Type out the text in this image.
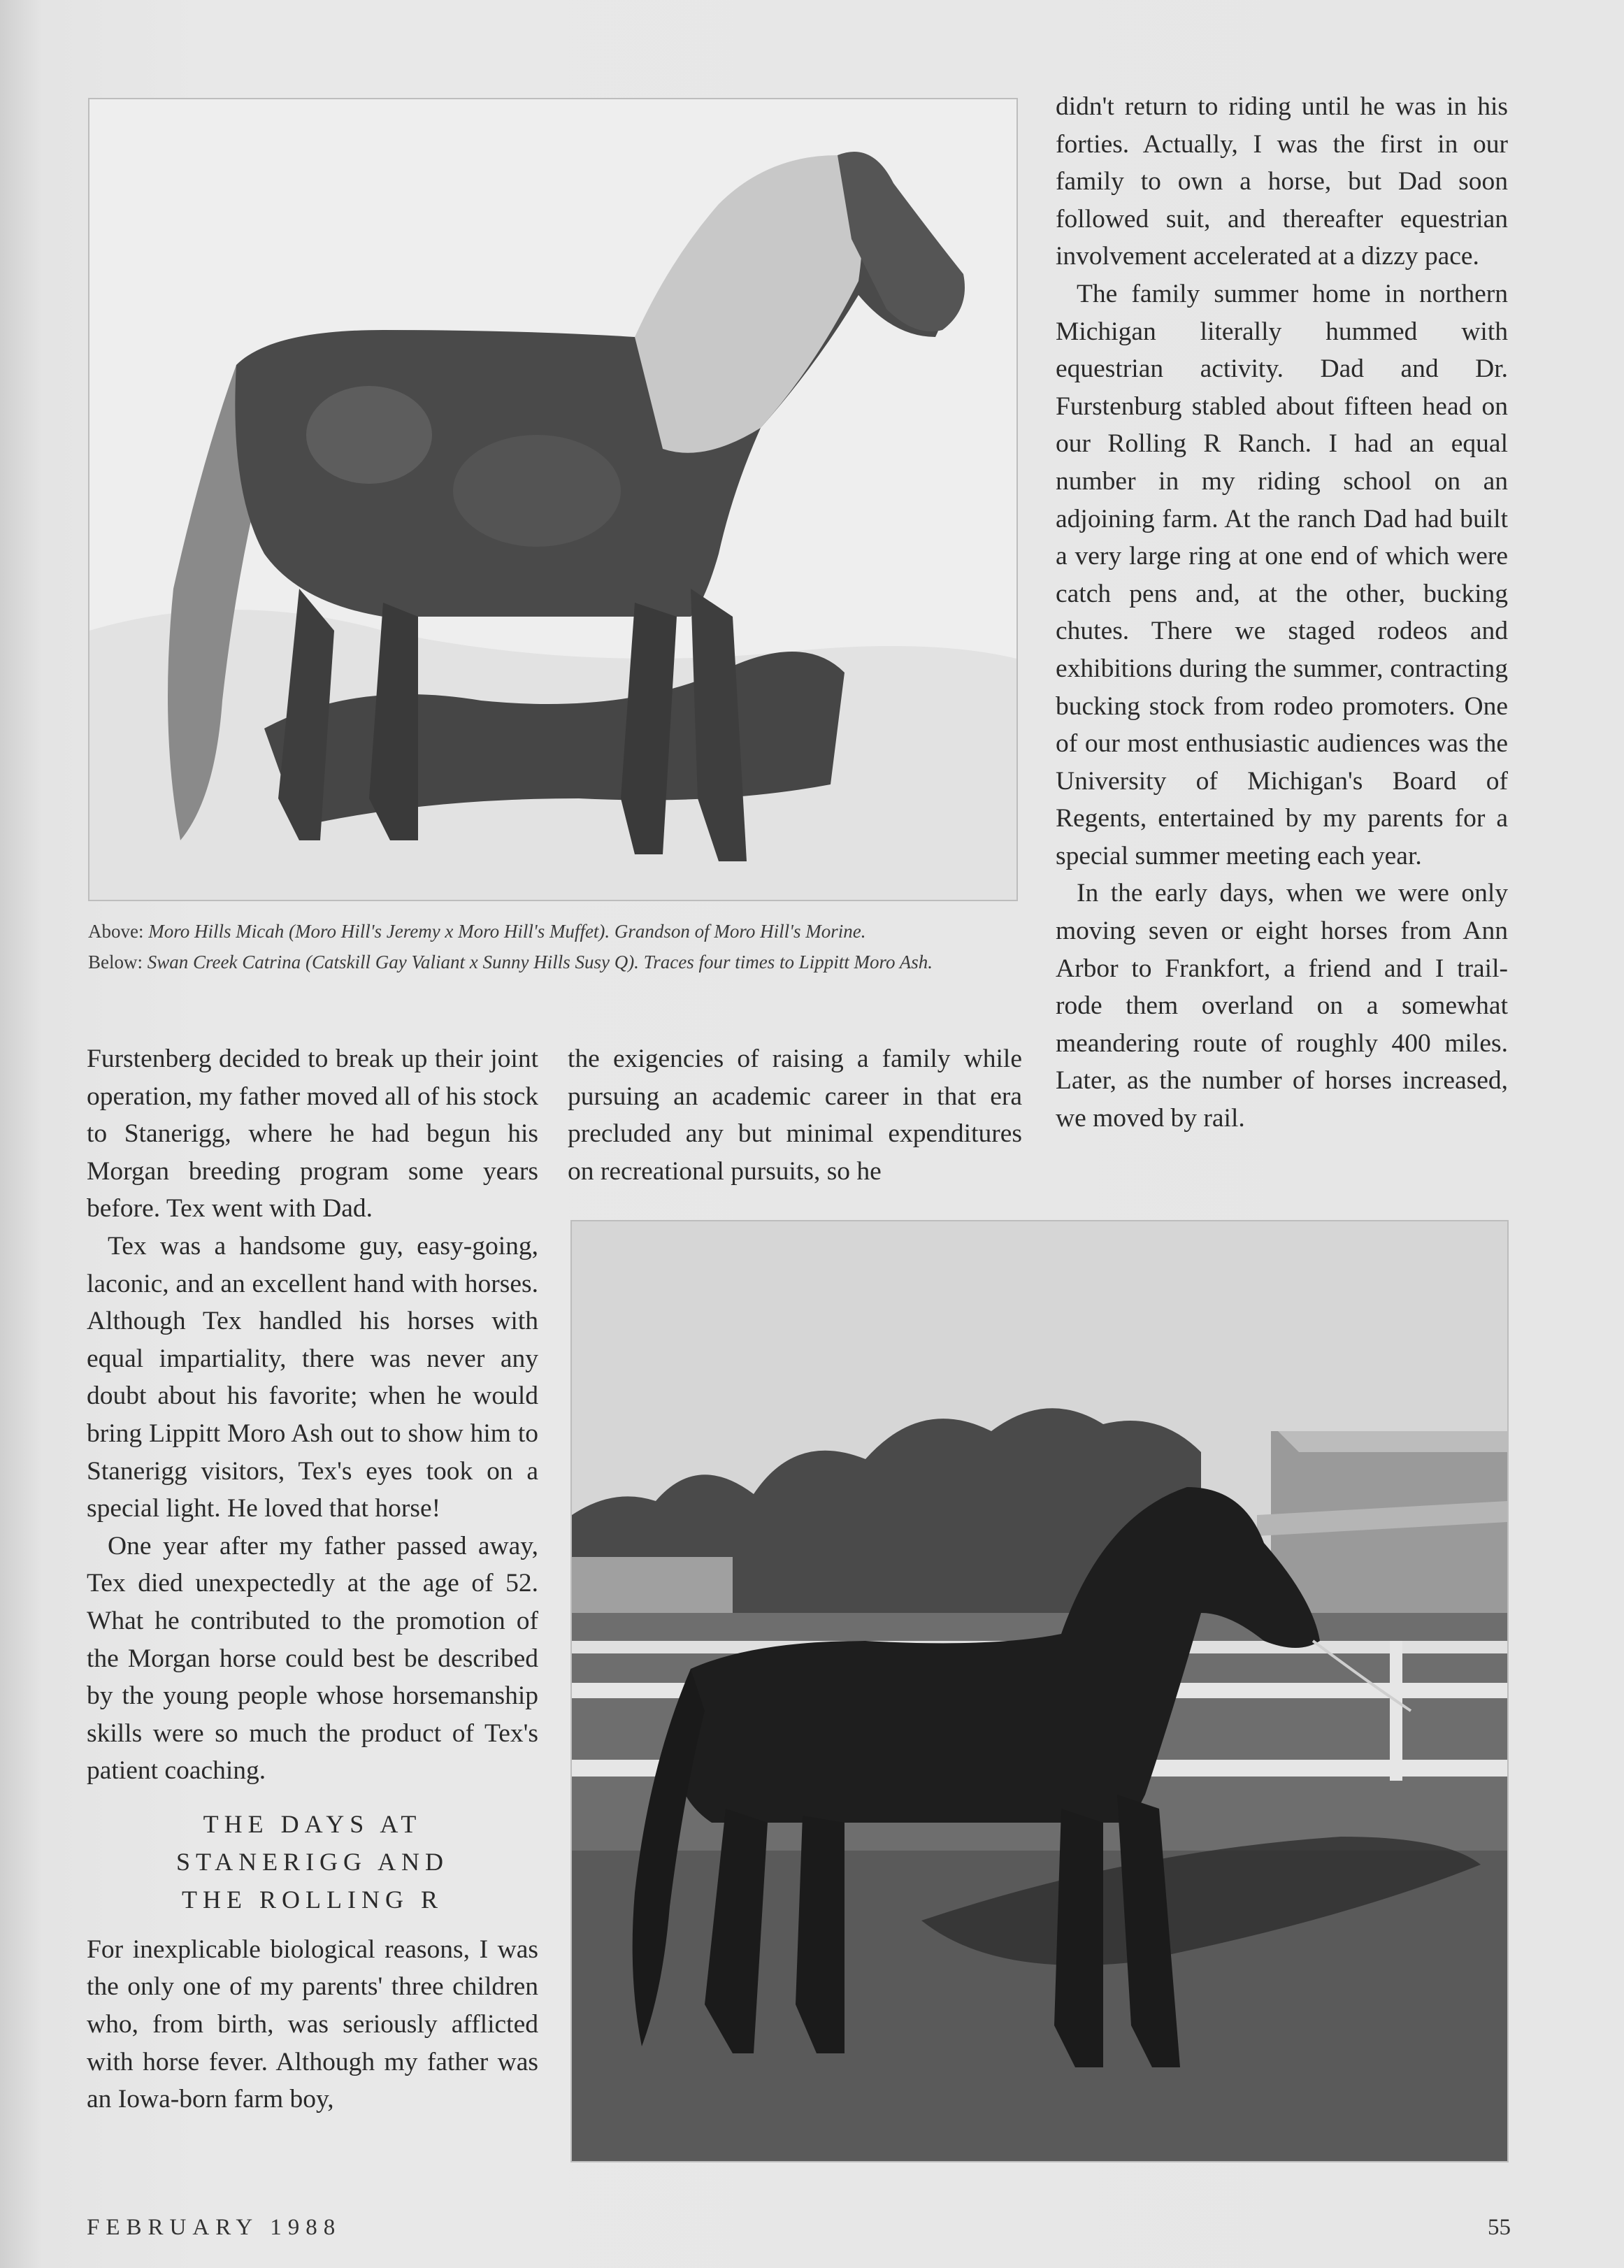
Above: Moro Hills Micah (Moro Hill's Jeremy x Moro Hill's Muffet). Grandson of Moro Hill's Morine.
Below: Swan Creek Catrina (Catskill Gay Valiant x Sunny Hills Susy Q). Traces four times to Lippitt Moro Ash.

didn't return to riding until he was in his forties. Actually, I was the first in our family to own a horse, but Dad soon followed suit, and thereafter equestrian involvement accelerated at a dizzy pace.

The family summer home in northern Michigan literally hummed with equestrian activity. Dad and Dr. Furstenburg stabled about fifteen head on our Rolling R Ranch. I had an equal number in my riding school on an adjoining farm. At the ranch Dad had built a very large ring at one end of which were catch pens and, at the other, bucking chutes. There we staged rodeos and exhibitions during the summer, contracting bucking stock from rodeo promoters. One of our most enthusiastic audiences was the University of Michigan's Board of Regents, entertained by my parents for a special summer meeting each year.

In the early days, when we were only moving seven or eight horses from Ann Arbor to Frankfort, a friend and I trail-rode them overland on a somewhat meandering route of roughly 400 miles. Later, as the number of horses increased, we moved by rail.

Furstenberg decided to break up their joint operation, my father moved all of his stock to Stanerigg, where he had begun his Morgan breeding program some years before. Tex went with Dad.

Tex was a handsome guy, easy-going, laconic, and an excellent hand with horses. Although Tex handled his horses with equal impartiality, there was never any doubt about his favorite; when he would bring Lippitt Moro Ash out to show him to Stanerigg visitors, Tex's eyes took on a special light. He loved that horse!

One year after my father passed away, Tex died unexpectedly at the age of 52. What he contributed to the promotion of the Morgan horse could best be described by the young people whose horsemanship skills were so much the product of Tex's patient coaching.

THE DAYS AT
STANERIGG AND
THE ROLLING R

For inexplicable biological reasons, I was the only one of my parents' three children who, from birth, was seriously afflicted with horse fever. Although my father was an Iowa-born farm boy,

the exigencies of raising a family while pursuing an academic career in that era precluded any but minimal expenditures on recreational pursuits, so he

FEBRUARY 1988	55
